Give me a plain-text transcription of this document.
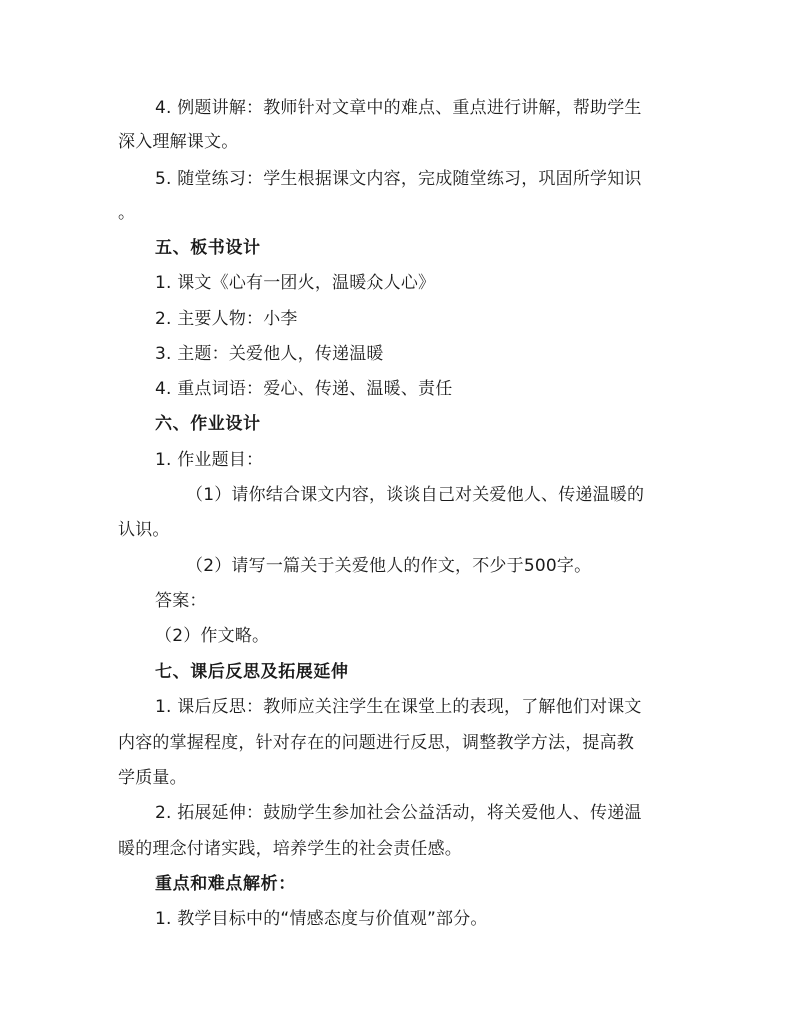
4. 例题讲解：教师针对文章中的难点、重点进行讲解，帮助学生

深入理解课文。

5. 随堂练习：学生根据课文内容，完成随堂练习，巩固所学知识

。

五、板书设计

1. 课文《心有一团火，温暖众人心》

2. 主要人物：小李

3. 主题：关爱他人，传递温暖

4. 重点词语：爱心、传递、温暖、责任

六、作业设计

1. 作业题目：

（1）请你结合课文内容，谈谈自己对关爱他人、传递温暖的

认识。

（2）请写一篇关于关爱他人的作文，不少于500字。

答案：

（2）作文略。

七、课后反思及拓展延伸

1. 课后反思：教师应关注学生在课堂上的表现，了解他们对课文

内容的掌握程度，针对存在的问题进行反思，调整教学方法，提高教

学质量。

2. 拓展延伸：鼓励学生参加社会公益活动，将关爱他人、传递温

暖的理念付诸实践，培养学生的社会责任感。

重点和难点解析：

1. 教学目标中的“情感态度与价值观”部分。
